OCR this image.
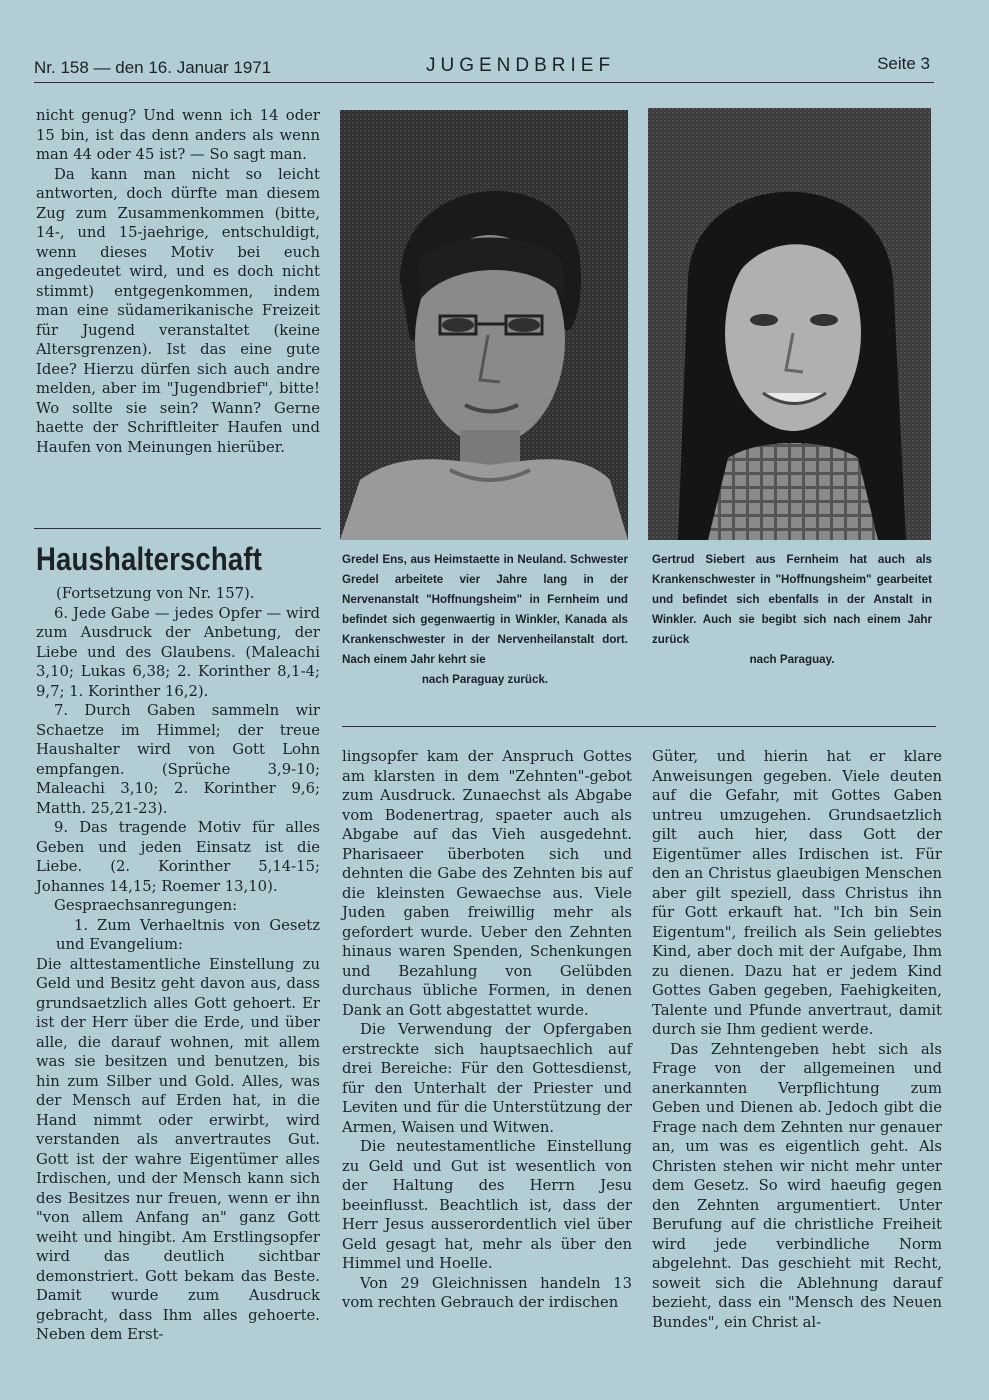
Nr. 158 — den 16. Januar 1971	JUGENDBRIEF	Seite 3

nicht genug? Und wenn ich 14 oder 15 bin, ist das denn anders als wenn man 44 oder 45 ist? — So sagt man.

Da kann man nicht so leicht antworten, doch dürfte man diesem Zug zum Zusammenkommen (bitte, 14-, und 15-jaehrige, entschuldigt, wenn dieses Motiv bei euch angedeutet wird, und es doch nicht stimmt) entgegenkommen, indem man eine südamerikanische Freizeit für Jugend veranstaltet (keine Altersgrenzen). Ist das eine gute Idee? Hierzu dürfen sich auch andre melden, aber im "Jugendbrief", bitte! Wo sollte sie sein? Wann? Gerne haette der Schriftleiter Haufen und Haufen von Meinungen hierüber.

Haushalterschaft

(Fortsetzung von Nr. 157).

6. Jede Gabe — jedes Opfer — wird zum Ausdruck der Anbetung, der Liebe und des Glaubens. (Maleachi 3,10; Lukas 6,38; 2. Korinther 8,1-4; 9,7; 1. Korinther 16,2).

7. Durch Gaben sammeln wir Schaetze im Himmel; der treue Haushalter wird von Gott Lohn empfangen. (Sprüche 3,9-10; Maleachi 3,10; 2. Korinther 9,6; Matth. 25,21-23).

9. Das tragende Motiv für alles Geben und jeden Einsatz ist die Liebe. (2. Korinther 5,14-15; Johannes 14,15; Roemer 13,10).

Gespraechsanregungen:

1. Zum Verhaeltnis von Gesetz und Evangelium:

Die alttestamentliche Einstellung zu Geld und Besitz geht davon aus, dass grundsaetzlich alles Gott gehoert. Er ist der Herr über die Erde, und über alle, die darauf wohnen, mit allem was sie besitzen und benutzen, bis hin zum Silber und Gold. Alles, was der Mensch auf Erden hat, in die Hand nimmt oder erwirbt, wird verstanden als anvertrautes Gut. Gott ist der wahre Eigentümer alles Irdischen, und der Mensch kann sich des Besitzes nur freuen, wenn er ihn "von allem Anfang an" ganz Gott weiht und hingibt. Am Erstlingsopfer wird das deutlich sichtbar demonstriert. Gott bekam das Beste. Damit wurde zum Ausdruck gebracht, dass Ihm alles gehoerte. Neben dem Erst-

Gredel Ens, aus Heimstaette in Neuland. Schwester Gredel arbeitete vier Jahre lang in der Nervenanstalt "Hoffnungsheim" in Fernheim und befindet sich gegenwaertig in Winkler, Kanada als Krankenschwester in der Nervenheilanstalt dort. Nach einem Jahr kehrt sie
nach Paraguay zurück.
Gertrud Siebert aus Fernheim hat auch als Krankenschwester in "Hoffnungsheim" gearbeitet und befindet sich ebenfalls in der Anstalt in Winkler. Auch sie begibt sich nach einem Jahr zurück
nach Paraguay.

lingsopfer kam der Anspruch Gottes am klarsten in dem "Zehnten"-gebot zum Ausdruck. Zunaechst als Abgabe vom Bodenertrag, spaeter auch als Abgabe auf das Vieh ausgedehnt. Pharisaeer überboten sich und dehnten die Gabe des Zehnten bis auf die kleinsten Gewaechse aus. Viele Juden gaben freiwillig mehr als gefordert wurde. Ueber den Zehnten hinaus waren Spenden, Schenkungen und Bezahlung von Gelübden durchaus übliche Formen, in denen Dank an Gott abgestattet wurde.

Die Verwendung der Opfergaben erstreckte sich hauptsaechlich auf drei Bereiche: Für den Gottesdienst, für den Unterhalt der Priester und Leviten und für die Unterstützung der Armen, Waisen und Witwen.

Die neutestamentliche Einstellung zu Geld und Gut ist wesentlich von der Haltung des Herrn Jesu beeinflusst. Beachtlich ist, dass der Herr Jesus ausserordentlich viel über Geld gesagt hat, mehr als über den Himmel und Hoelle.

Von 29 Gleichnissen handeln 13 vom rechten Gebrauch der irdischen

Güter, und hierin hat er klare Anweisungen gegeben. Viele deuten auf die Gefahr, mit Gottes Gaben untreu umzugehen. Grundsaetzlich gilt auch hier, dass Gott der Eigentümer alles Irdischen ist. Für den an Christus glaeubigen Menschen aber gilt speziell, dass Christus ihn für Gott erkauft hat. "Ich bin Sein Eigentum", freilich als Sein geliebtes Kind, aber doch mit der Aufgabe, Ihm zu dienen. Dazu hat er jedem Kind Gottes Gaben gegeben, Faehigkeiten, Talente und Pfunde anvertraut, damit durch sie Ihm gedient werde.

Das Zehntengeben hebt sich als Frage von der allgemeinen und anerkannten Verpflichtung zum Geben und Dienen ab. Jedoch gibt die Frage nach dem Zehnten nur genauer an, um was es eigentlich geht. Als Christen stehen wir nicht mehr unter dem Gesetz. So wird haeufig gegen den Zehnten argumentiert. Unter Berufung auf die christliche Freiheit wird jede verbindliche Norm abgelehnt. Das geschieht mit Recht, soweit sich die Ablehnung darauf bezieht, dass ein "Mensch des Neuen Bundes", ein Christ al-
